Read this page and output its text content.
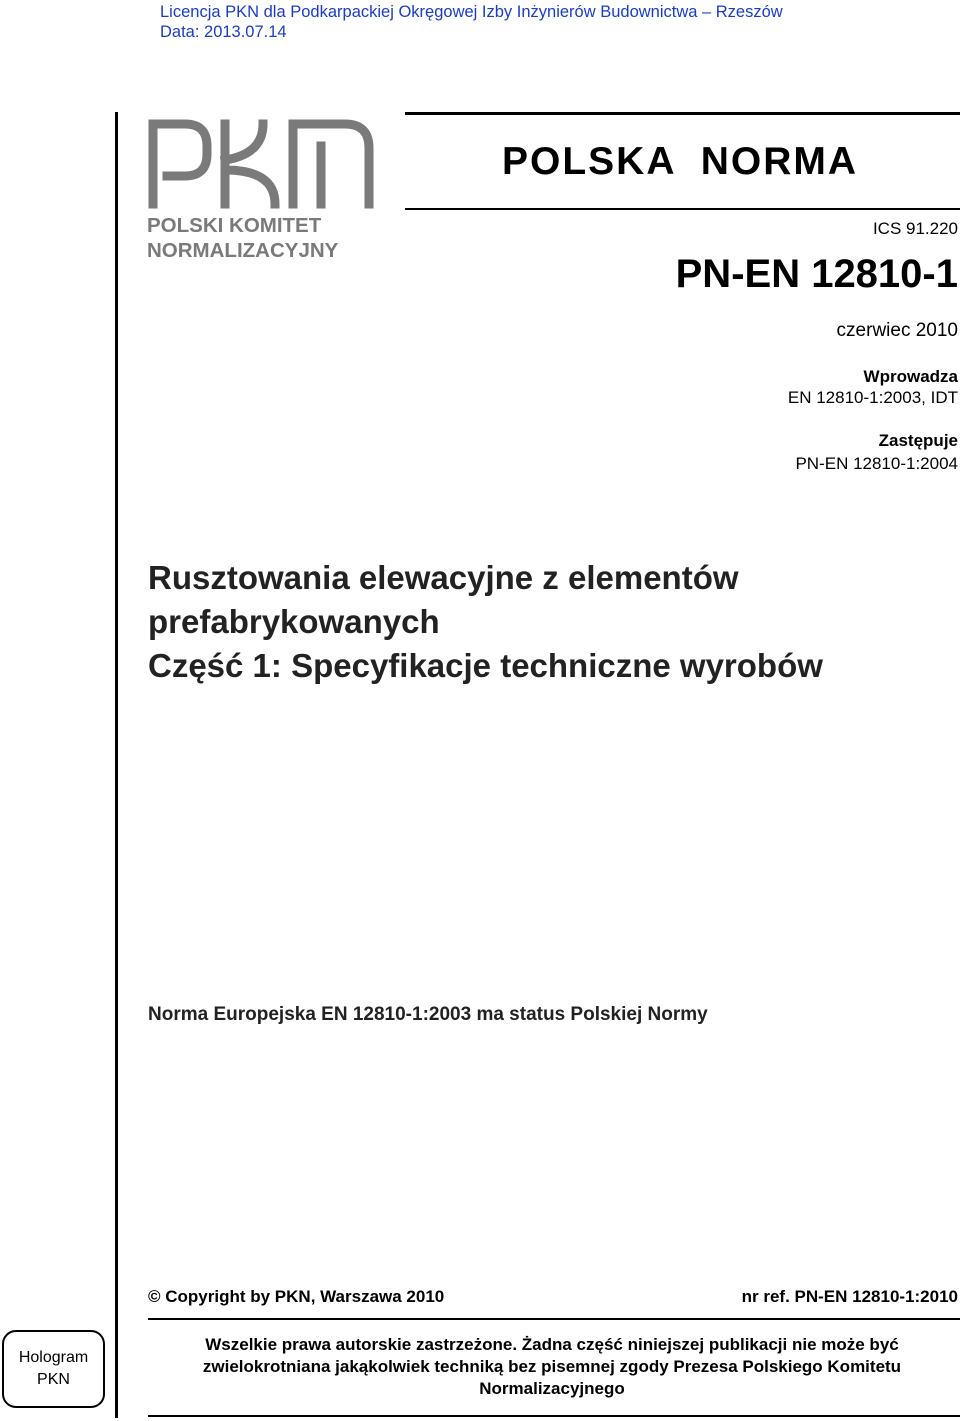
Licencja PKN dla Podkarpackiej Okręgowej Izby Inżynierów Budownictwa – Rzeszów
Data: 2013.07.14
POLSKI KOMITET
NORMALIZACYJNY
POLSKA  NORMA
ICS 91.220
PN-EN 12810-1
czerwiec 2010
Wprowadza
EN 12810-1:2003, IDT
Zastępuje
PN-EN 12810-1:2004
Rusztowania elewacyjne z elementów
prefabrykowanych
Część 1: Specyfikacje techniczne wyrobów
Norma Europejska EN 12810-1:2003 ma status Polskiej Normy
© Copyright by PKN, Warszawa 2010	nr ref. PN-EN 12810-1:2010
Hologram
PKN
Wszelkie prawa autorskie zastrzeżone. Żadna część niniejszej publikacji nie może być
zwielokrotniana jakąkolwiek techniką bez pisemnej zgody Prezesa Polskiego Komitetu
Normalizacyjnego
